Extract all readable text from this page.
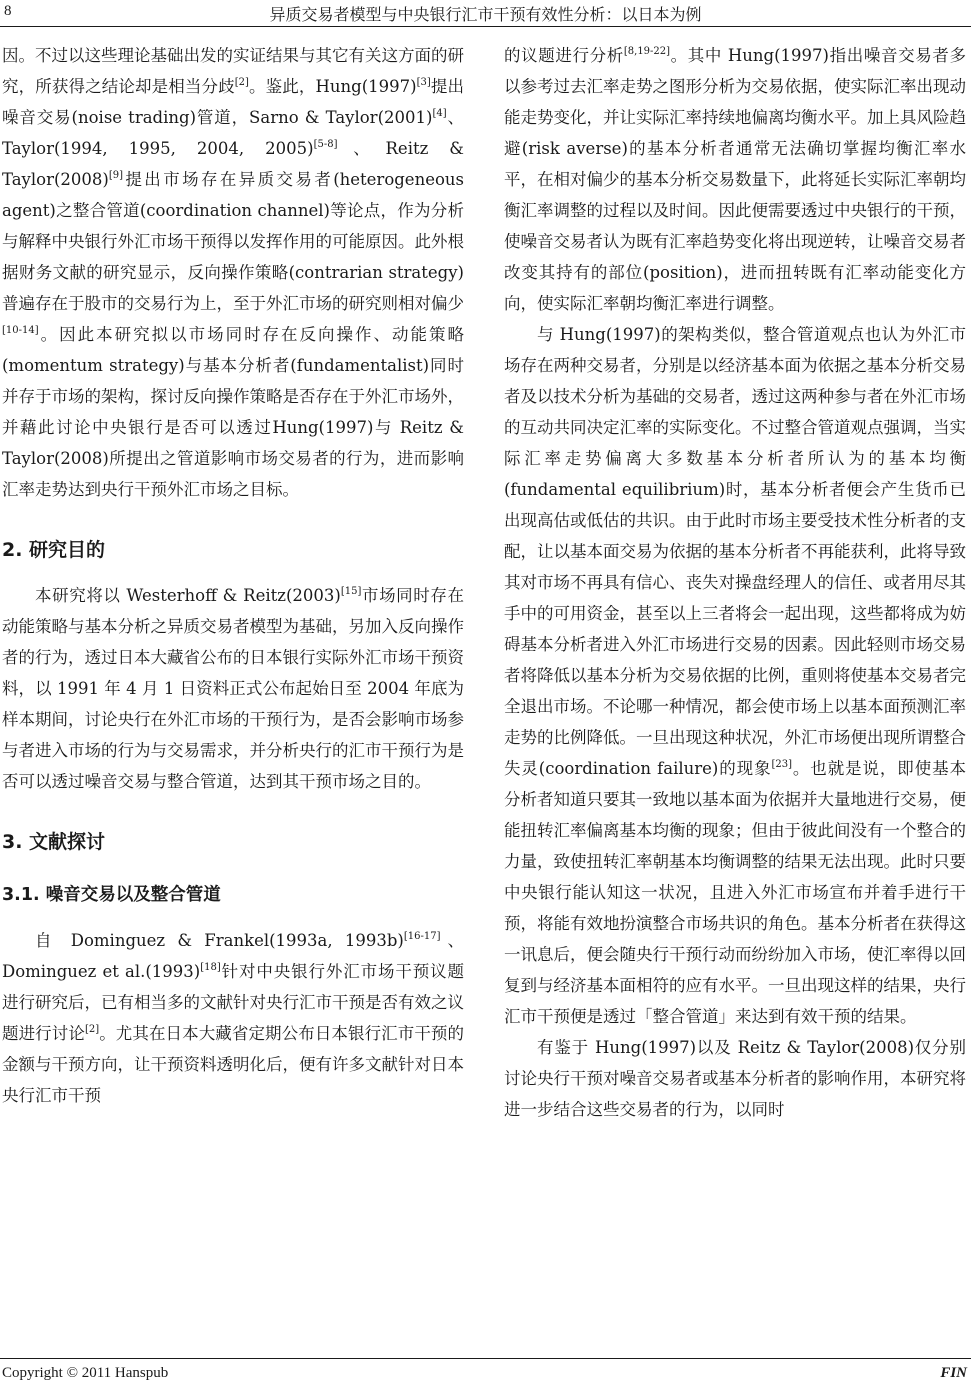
8	异质交易者模型与中央银行汇市干预有效性分析：以日本为例

因。不过以这些理论基础出发的实证结果与其它有关这方面的研究，所获得之结论却是相当分歧[2]。鉴此，Hung(1997)[3]提出噪音交易(noise trading)管道，Sarno & Taylor(2001)[4]、Taylor(1994, 1995, 2004, 2005)[5-8]、Reitz & Taylor(2008)[9]提出市场存在异质交易者(heterogeneous agent)之整合管道(coordination channel)等论点，作为分析与解释中央银行外汇市场干预得以发挥作用的可能原因。此外根据财务文献的研究显示，反向操作策略(contrarian strategy)普遍存在于股市的交易行为上，至于外汇市场的研究则相对偏少[10-14]。因此本研究拟以市场同时存在反向操作、动能策略(momentum strategy)与基本分析者(fundamentalist)同时并存于市场的架构，探讨反向操作策略是否存在于外汇市场外，并藉此讨论中央银行是否可以透过Hung(1997)与 Reitz & Taylor(2008)所提出之管道影响市场交易者的行为，进而影响汇率走势达到央行干预外汇市场之目标。

2. 研究目的

本研究将以 Westerhoff & Reitz(2003)[15]市场同时存在动能策略与基本分析之异质交易者模型为基础，另加入反向操作者的行为，透过日本大藏省公布的日本银行实际外汇市场干预资料，以 1991 年 4 月 1 日资料正式公布起始日至 2004 年底为样本期间，讨论央行在外汇市场的干预行为，是否会影响市场参与者进入市场的行为与交易需求，并分析央行的汇市干预行为是否可以透过噪音交易与整合管道，达到其干预市场之目的。

3. 文献探讨
3.1. 噪音交易以及整合管道

自 Dominguez & Frankel(1993a, 1993b)[16-17]、Dominguez et al.(1993)[18]针对中央银行外汇市场干预议题进行研究后，已有相当多的文献针对央行汇市干预是否有效之议题进行讨论[2]。尤其在日本大藏省定期公布日本银行汇市干预的金额与干预方向，让干预资料透明化后，便有许多文献针对日本央行汇市干预

的议题进行分析[8,19-22]。其中 Hung(1997)指出噪音交易者多以参考过去汇率走势之图形分析为交易依据，使实际汇率出现动能走势变化，并让实际汇率持续地偏离均衡水平。加上具风险趋避(risk averse)的基本分析者通常无法确切掌握均衡汇率水平，在相对偏少的基本分析交易数量下，此将延长实际汇率朝均衡汇率调整的过程以及时间。因此便需要透过中央银行的干预，使噪音交易者认为既有汇率趋势变化将出现逆转，让噪音交易者改变其持有的部位(position)，进而扭转既有汇率动能变化方向，使实际汇率朝均衡汇率进行调整。

与 Hung(1997)的架构类似，整合管道观点也认为外汇市场存在两种交易者，分别是以经济基本面为依据之基本分析交易者及以技术分析为基础的交易者，透过这两种参与者在外汇市场的互动共同决定汇率的实际变化。不过整合管道观点强调，当实际汇率走势偏离大多数基本分析者所认为的基本均衡(fundamental equilibrium)时，基本分析者便会产生货币已出现高估或低估的共识。由于此时市场主要受技术性分析者的支配，让以基本面交易为依据的基本分析者不再能获利，此将导致其对市场不再具有信心、丧失对操盘经理人的信任、或者用尽其手中的可用资金，甚至以上三者将会一起出现，这些都将成为妨碍基本分析者进入外汇市场进行交易的因素。因此轻则市场交易者将降低以基本分析为交易依据的比例，重则将使基本交易者完全退出市场。不论哪一种情况，都会使市场上以基本面预测汇率走势的比例降低。一旦出现这种状况，外汇市场便出现所谓整合失灵(coordination failure)的现象[23]。也就是说，即使基本分析者知道只要其一致地以基本面为依据并大量地进行交易，便能扭转汇率偏离基本均衡的现象；但由于彼此间没有一个整合的力量，致使扭转汇率朝基本均衡调整的结果无法出现。此时只要中央银行能认知这一状况，且进入外汇市场宣布并着手进行干预，将能有效地扮演整合市场共识的角色。基本分析者在获得这一讯息后，便会随央行干预行动而纷纷加入市场，使汇率得以回复到与经济基本面相符的应有水平。一旦出现这样的结果，央行汇市干预便是透过「整合管道」来达到有效干预的结果。

有鉴于 Hung(1997)以及 Reitz & Taylor(2008)仅分别讨论央行干预对噪音交易者或基本分析者的影响作用，本研究将进一步结合这些交易者的行为，以同时

Copyright © 2011 Hanspub	FIN
